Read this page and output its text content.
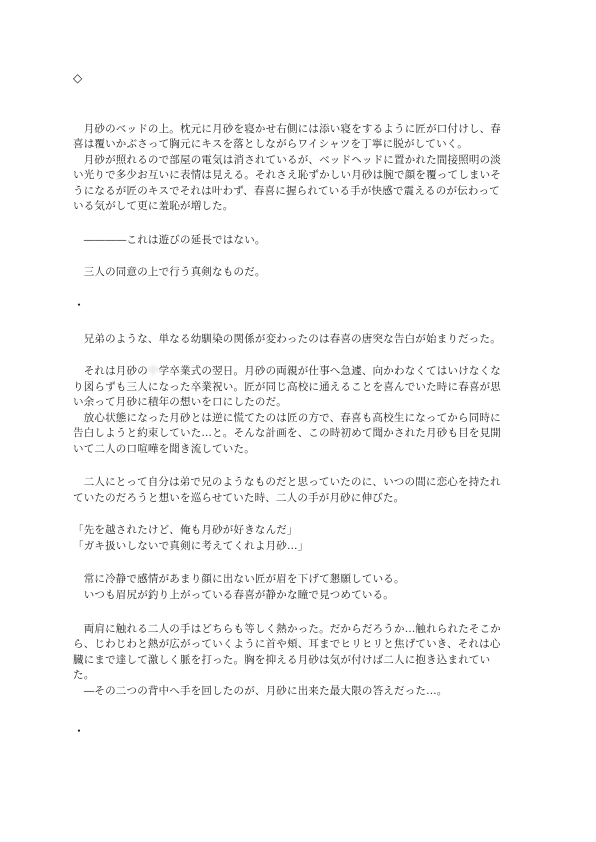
◇
　月砂のベッドの上。枕元に月砂を寝かせ右側には添い寝をするように匠が口付けし、春
喜は覆いかぶさって胸元にキスを落としながらワイシャツを丁寧に脱がしていく。
　月砂が照れるので部屋の電気は消されているが、ベッドヘッドに置かれた間接照明の淡
い光りで多少お互いに表情は見える。それさえ恥ずかしい月砂は腕で顔を覆ってしまいそ
うになるが匠のキスでそれは叶わず、春喜に握られている手が快感で震えるのが伝わって
いる気がして更に羞恥が増した。
　――――これは遊びの延長ではない。
　三人の同意の上で行う真剣なものだ。
・
　兄弟のような、単なる幼馴染の関係が変わったのは春喜の唐突な告白が始まりだった。
　それは月砂の中学卒業式の翌日。月砂の両親が仕事へ急遽、向かわなくてはいけなくな
り図らずも三人になった卒業祝い。匠が同じ高校に通えることを喜んでいた時に春喜が思
い余って月砂に積年の想いを口にしたのだ。
　放心状態になった月砂とは逆に慌てたのは匠の方で、春喜も高校生になってから同時に
告白しようと約束していた…と。そんな計画を、この時初めて聞かされた月砂も目を見開
いて二人の口喧嘩を聞き流していた。
　二人にとって自分は弟で兄のようなものだと思っていたのに、いつの間に恋心を持たれ
ていたのだろうと想いを巡らせていた時、二人の手が月砂に伸びた。
「先を越されたけど、俺も月砂が好きなんだ」
「ガキ扱いしないで真剣に考えてくれよ月砂…」
　常に冷静で感情があまり顔に出ない匠が眉を下げて懇願している。
　いつも眉尻が釣り上がっている春喜が静かな瞳で見つめている。
　両肩に触れる二人の手はどちらも等しく熱かった。だからだろうか…触れられたそこか
ら、じわじわと熱が広がっていくように首や頬、耳までヒリヒリと焦げていき、それは心
臓にまで達して激しく脈を打った。胸を抑える月砂は気が付けば二人に抱き込まれてい
た。
　―その二つの背中へ手を回したのが、月砂に出来た最大限の答えだった…。
・
